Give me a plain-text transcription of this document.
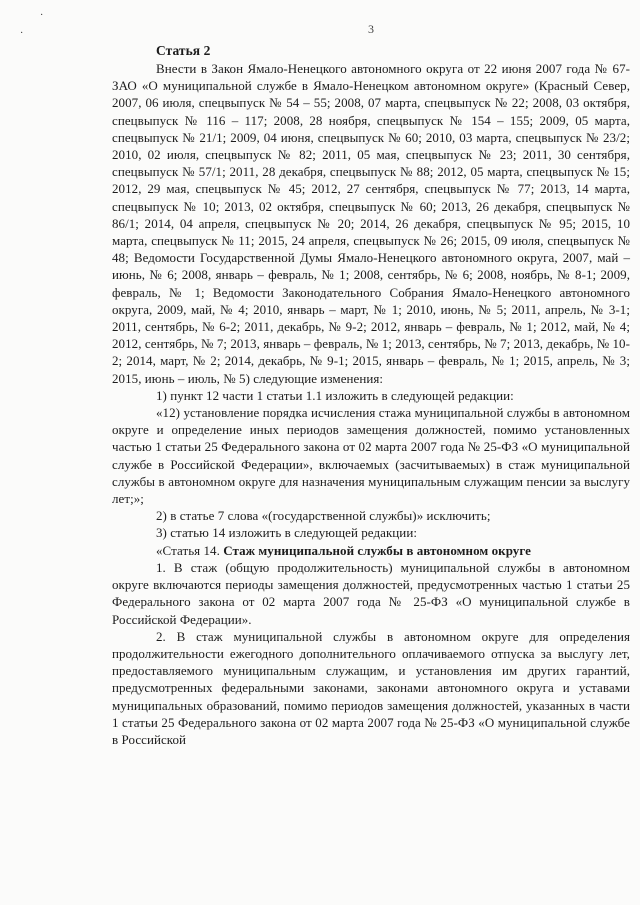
·
·	3

Статья 2

Внести в Закон Ямало-Ненецкого автономного округа от 22 июня 2007 года № 67-ЗАО «О муниципальной службе в Ямало-Ненецком автономном округе» (Красный Север, 2007, 06 июля, спецвыпуск № 54 – 55; 2008, 07 марта, спецвыпуск № 22; 2008, 03 октября, спецвыпуск № 116 – 117; 2008, 28 ноября, спецвыпуск № 154 – 155; 2009, 05 марта, спецвыпуск № 21/1; 2009, 04 июня, спецвыпуск № 60; 2010, 03 марта, спецвыпуск № 23/2; 2010, 02 июля, спецвыпуск № 82; 2011, 05 мая, спецвыпуск № 23; 2011, 30 сентября, спецвыпуск № 57/1; 2011, 28 декабря, спецвыпуск № 88; 2012, 05 марта, спецвыпуск № 15; 2012, 29 мая, спецвыпуск № 45; 2012, 27 сентября, спецвыпуск № 77; 2013, 14 марта, спецвыпуск № 10; 2013, 02 октября, спецвыпуск № 60; 2013, 26 декабря, спецвыпуск № 86/1; 2014, 04 апреля, спецвыпуск № 20; 2014, 26 декабря, спецвыпуск № 95; 2015, 10 марта, спецвыпуск № 11; 2015, 24 апреля, спецвыпуск № 26; 2015, 09 июля, спецвыпуск № 48; Ведомости Государственной Думы Ямало-Ненецкого автономного округа, 2007, май – июнь, № 6; 2008, январь – февраль, № 1; 2008, сентябрь, № 6; 2008, ноябрь, № 8-1; 2009, февраль, № 1; Ведомости Законодательного Собрания Ямало-Ненецкого автономного округа, 2009, май, № 4; 2010, январь – март, № 1; 2010, июнь, № 5; 2011, апрель, № 3-1; 2011, сентябрь, № 6-2; 2011, декабрь, № 9-2; 2012, январь – февраль, № 1; 2012, май, № 4; 2012, сентябрь, № 7; 2013, январь – февраль, № 1; 2013, сентябрь, № 7; 2013, декабрь, № 10-2; 2014, март, № 2; 2014, декабрь, № 9-1; 2015, январь – февраль, № 1; 2015, апрель, № 3; 2015, июнь – июль, № 5) следующие изменения:

1) пункт 12 части 1 статьи 1.1 изложить в следующей редакции:

«12) установление порядка исчисления стажа муниципальной службы в автономном округе и определение иных периодов замещения должностей, помимо установленных частью 1 статьи 25 Федерального закона от 02 марта 2007 года № 25-ФЗ «О муниципальной службе в Российской Федерации», включаемых (засчитываемых) в стаж муниципальной службы в автономном округе для назначения муниципальным служащим пенсии за выслугу лет;»;

2) в статье 7 слова «(государственной службы)» исключить;

3) статью 14 изложить в следующей редакции:

«Статья 14. Стаж муниципальной службы в автономном округе

1. В стаж (общую продолжительность) муниципальной службы в автономном округе включаются периоды замещения должностей, предусмотренных частью 1 статьи 25 Федерального закона от 02 марта 2007 года № 25-ФЗ «О муниципальной службе в Российской Федерации».

2. В стаж муниципальной службы в автономном округе для определения продолжительности ежегодного дополнительного оплачиваемого отпуска за выслугу лет, предоставляемого муниципальным служащим, и установления им других гарантий, предусмотренных федеральными законами, законами автономного округа и уставами муниципальных образований, помимо периодов замещения должностей, указанных в части 1 статьи 25 Федерального закона от 02 марта 2007 года № 25-ФЗ «О муниципальной службе в Российской
